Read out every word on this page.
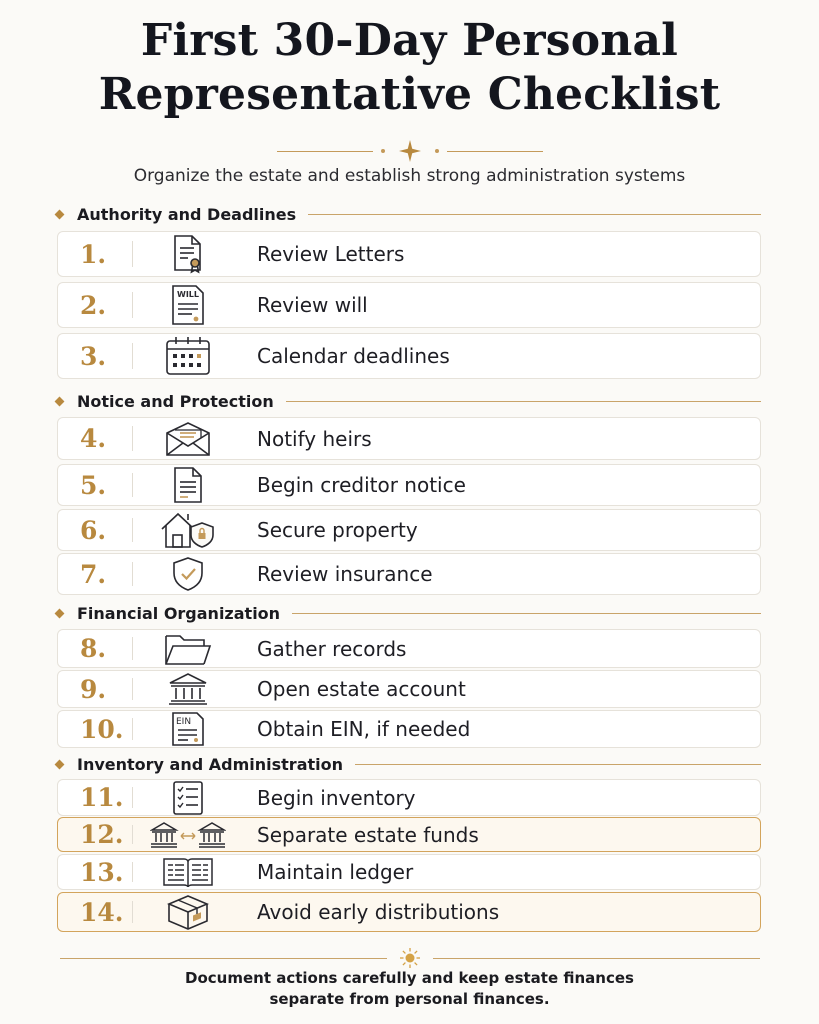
First 30-Day Personal
Representative Checklist
Organize the estate and establish strong administration systems
Authority and Deadlines
Notice and Protection
Financial Organization
Inventory and Administration
1.	Review Letters
2.	WILL	Review will
3.	Calendar deadlines
4.	Notify heirs
5.	Begin creditor notice
6.	Secure property
7.	Review insurance
8.	Gather records
9.	Open estate account
10.	EIN	Obtain EIN, if needed
11.	Begin inventory
12.	Separate estate funds
13.	Maintain ledger
14.	Avoid early distributions
Document actions carefully and keep estate finances
separate from personal finances.
